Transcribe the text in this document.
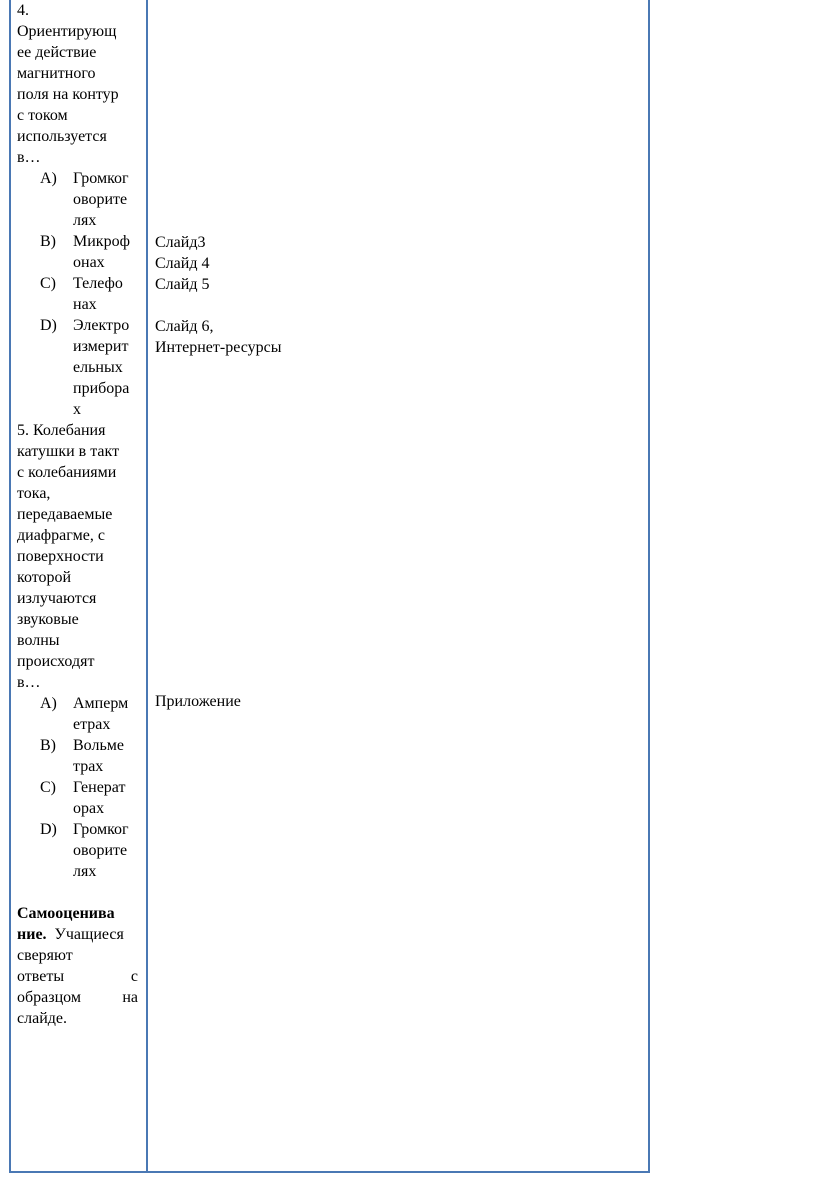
4.

Ориентирующ

ее действие

магнитного

поля на контур

с током

используется

в…

A) Громког
оворите
лях
B) Микроф
онах
C) Телефо
нах
D) Электро
измерит
ельных
прибора
х

5. Колебания

катушки в такт

с колебаниями

тока,

передаваемые

диафрагме, с

поверхности

которой

излучаются

звуковые

волны

происходят

в…

A) Амперм
етрах
B) Вольме
трах
C) Генерат
орах
D) Громког
оворите
лях

Самооценива

ние. Учащиеся

сверяют

ответы	с
образцом	на

слайде.

Слайд3
Слайд 4
Слайд 5
Слайд 6,
Интернет-ресурсы
Приложение
